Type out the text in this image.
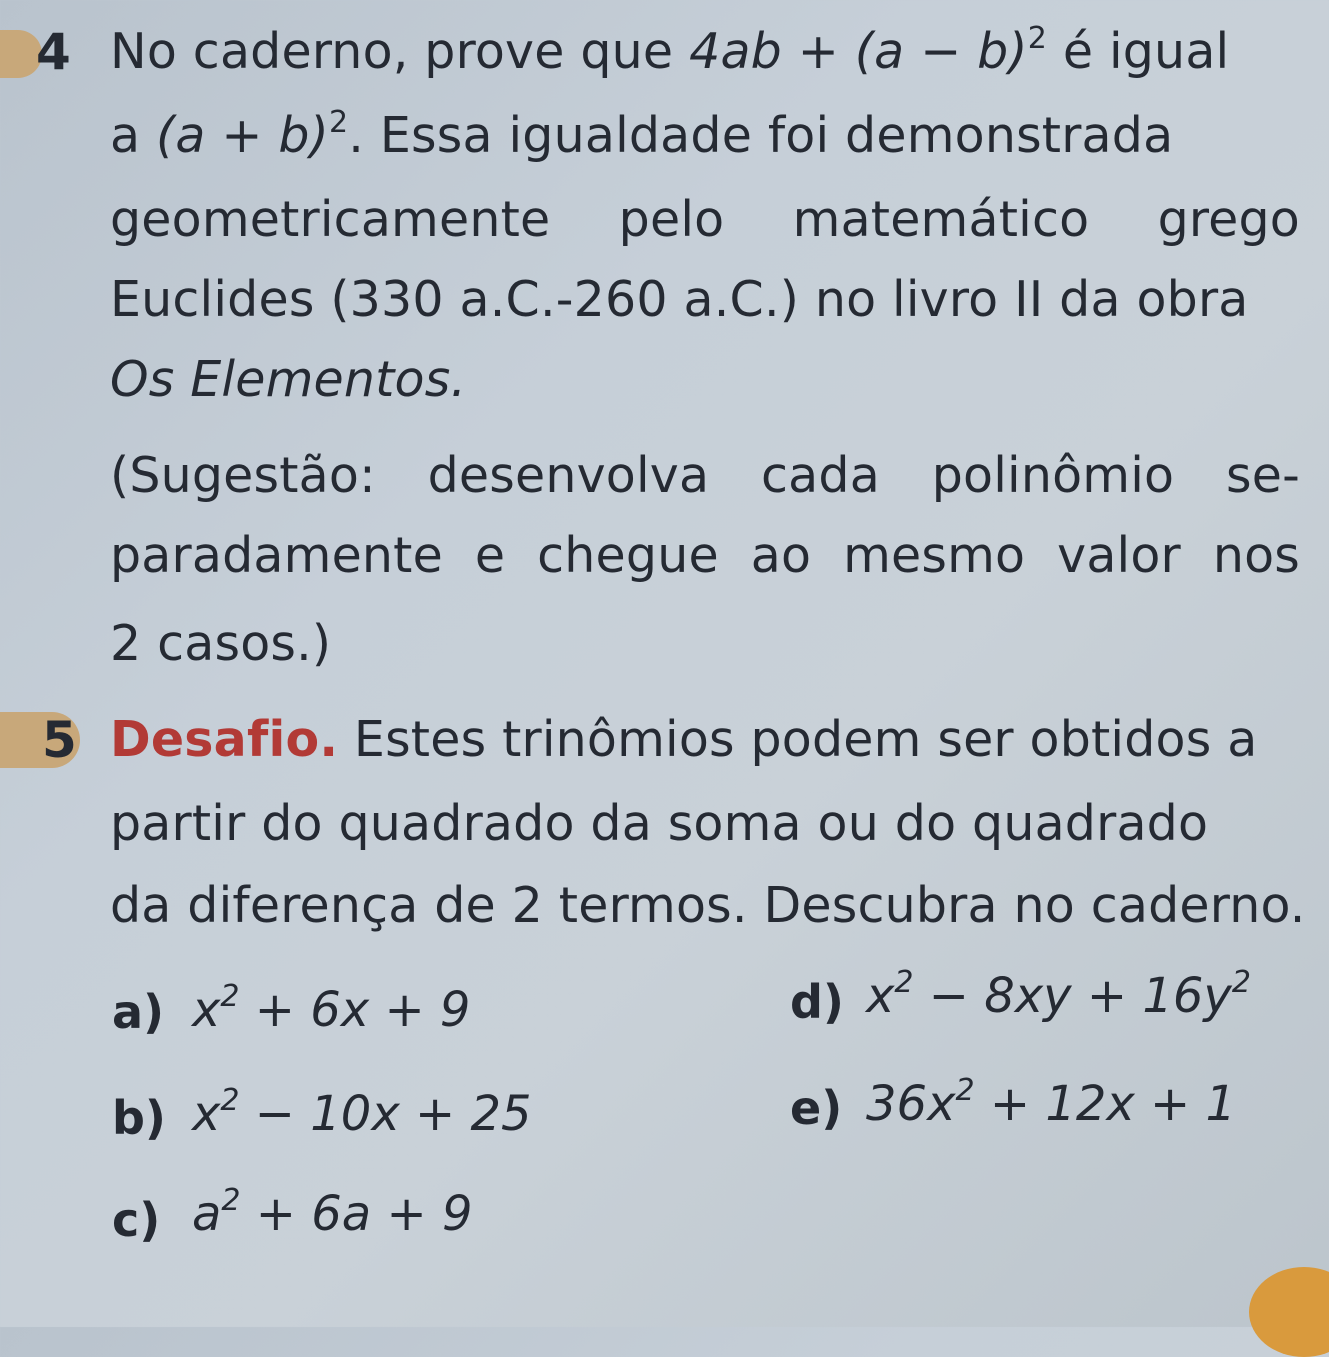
4 No caderno, prove que $4ab + (a - b)^2$ é igual
a $(a + b)^2$. Essa igualdade foi demonstrada
geometricamente pelo matemático grego
Euclides (330 a.C.-260 a.C.) no livro II da obra
Os Elementos.
(Sugestão: desenvolva cada polinômio se-
paradamente e chegue ao mesmo valor nos
2 casos.)
5 Desafio. Estes trinômios podem ser obtidos a
partir do quadrado da soma ou do quadrado
da diferença de 2 termos. Descubra no caderno.
a) $x^2 + 6x + 9$
b) $x^2 - 10x + 25$
c) $a^2 + 6a + 9$
d) $x^2 - 8xy + 16y^2$
e) $36x^2 + 12x + 1$
